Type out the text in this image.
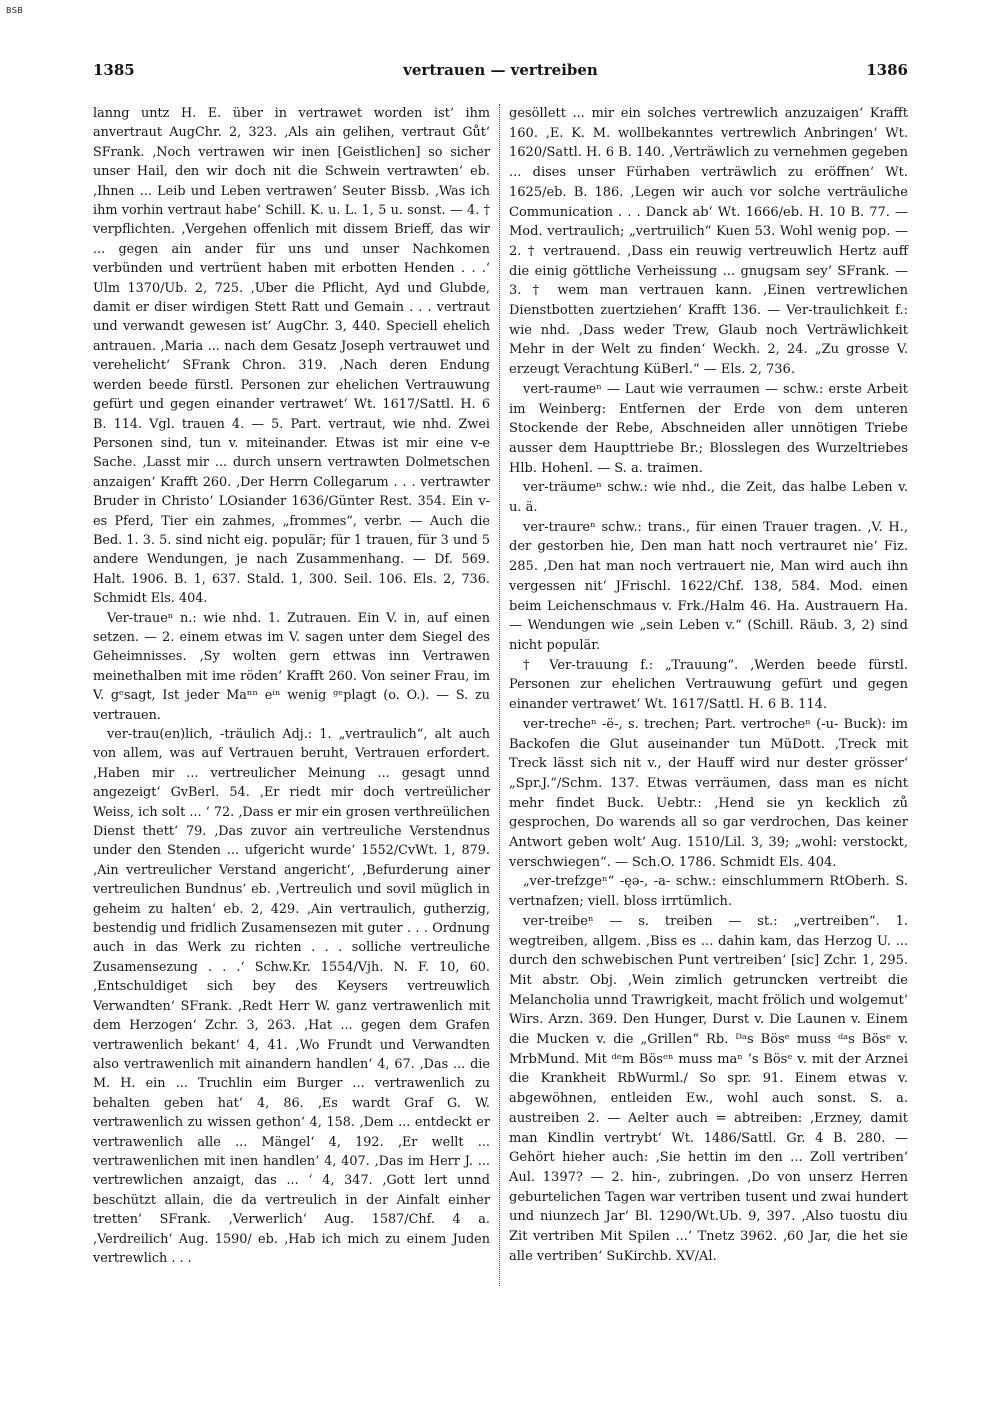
BSB
1385	vertrauen — vertreiben	1386

lanng untz H. E. über in vertrawet worden ist‘ ihm anvertraut AugChr. 2, 323. ‚Als ain gelihen, vertraut Gůt‘ SFrank. ‚Noch vertrawen wir inen [Geistlichen] so sicher unser Hail, den wir doch nit die Schwein vertrawten‘ eb. ‚Ihnen ... Leib und Leben vertrawen‘ Seuter Bissb. ‚Was ich ihm vorhin vertraut habe‘ Schill. K. u. L. 1, 5 u. sonst. — 4. † verpflichten. ‚Vergehen offenlich mit dissem Brieff, das wir ... gegen ain ander für uns und unser Nachkomen verbünden und vertrüent haben mit erbotten Henden . . .‘ Ulm 1370/Ub. 2, 725. ‚Uber die Pflicht, Ayd und Glubde, damit er diser wirdigen Stett Ratt und Gemain . . . vertraut und verwandt gewesen ist‘ AugChr. 3, 440. Speciell ehelich antrauen. ‚Maria ... nach dem Gesatz Joseph vertrauwet und verehelicht‘ SFrank Chron. 319. ‚Nach deren Endung werden beede fürstl. Personen zur ehelichen Vertrauwung gefürt und gegen einander vertrawet‘ Wt. 1617/Sattl. H. 6 B. 114. Vgl. trauen 4. — 5. Part. vertraut, wie nhd. Zwei Personen sind, tun v. miteinander. Etwas ist mir eine v-e Sache. ‚Lasst mir ... durch unsern vertrawten Dolmetschen anzaigen‘ Krafft 260. ‚Der Herrn Collegarum . . . vertrawter Bruder in Christo‘ LOsiander 1636/Günter Rest. 354. Ein v-es Pferd, Tier ein zahmes, „frommes“, verbr. — Auch die Bed. 1. 3. 5. sind nicht eig. populär; für 1 trauen, für 3 und 5 andere Wendungen, je nach Zusammenhang. — Df. 569. Halt. 1906. B. 1, 637. Stald. 1, 300. Seil. 106. Els. 2, 736. Schmidt Els. 404.

Ver-traueⁿ n.: wie nhd. 1. Zutrauen. Ein V. in, auf einen setzen. — 2. einem etwas im V. sagen unter dem Siegel des Geheimnisses. ‚Sy wolten gern ettwas inn Vertrawen meinethalben mit ime röden‘ Krafft 260. Von seiner Frau, im V. gᵉsagt, Ist jeder Maⁿⁿ eⁱⁿ wenig ᵍᵉplagt (o. O.). — S. zu vertrauen.

ver-trau(en)lich, -träulich Adj.: 1. „vertraulich“, alt auch von allem, was auf Vertrauen beruht, Vertrauen erfordert. ‚Haben mir ... vertreulicher Meinung ... gesagt unnd angezeigt‘ GvBerl. 54. ‚Er riedt mir doch vertreülicher Weiss, ich solt ... ‘ 72. ‚Dass er mir ein grosen verthreülichen Dienst thett‘ 79. ‚Das zuvor ain vertreuliche Verstendnus under den Stenden ... ufgericht wurde‘ 1552/CvWt. 1, 879. ‚Ain vertreulicher Verstand angericht‘, ‚Befurderung ainer vertreulichen Bundnus‘ eb. ‚Vertreulich und sovil müglich in geheim zu halten‘ eb. 2, 429. ‚Ain vertraulich, gutherzig, bestendig und fridlich Zusamensezen mit guter . . . Ordnung auch in das Werk zu richten . . . solliche vertreuliche Zusamensezung . . .‘ Schw.Kr. 1554/Vjh. N. F. 10, 60. ‚Entschuldiget sich bey des Keysers vertreuwlich Verwandten‘ SFrank. ‚Redt Herr W. ganz vertrawenlich mit dem Herzogen‘ Zchr. 3, 263. ‚Hat ... gegen dem Grafen vertrawenlich bekant‘ 4, 41. ‚Wo Frundt und Verwandten also vertrawenlich mit ainandern handlen‘ 4, 67. ‚Das ... die M. H. ein ... Truchlin eim Burger ... vertrawenlich zu behalten geben hat‘ 4, 86. ‚Es wardt Graf G. W. vertrawenlich zu wissen gethon‘ 4, 158. ‚Dem ... entdeckt er vertrawenlich alle ... Mängel‘ 4, 192. ‚Er wellt ... vertrawenlichen mit inen handlen‘ 4, 407. ‚Das im Herr J. ... vertrewlichen anzaigt, das ... ‘ 4, 347. ‚Gott lert unnd beschützt allain, die da vertreulich in der Ainfalt einher tretten‘ SFrank. ‚Verwerlich‘ Aug. 1587/Chf. 4 a. ‚Verdreilich‘ Aug. 1590/ eb. ‚Hab ich mich zu einem Juden vertrewlich . . .

gesöllett ... mir ein solches vertrewlich anzuzaigen‘ Krafft 160. ‚E. K. M. wollbekanntes vertrewlich Anbringen‘ Wt. 1620/Sattl. H. 6 B. 140. ‚Verträwlich zu vernehmen gegeben ... dises unser Fürhaben verträwlich zu eröffnen‘ Wt. 1625/eb. B. 186. ‚Legen wir auch vor solche verträuliche Communication . . . Danck ab‘ Wt. 1666/eb. H. 10 B. 77. — Mod. vertraulich; „vertruilich“ Kuen 53. Wohl wenig pop. — 2. † vertrauend. ‚Dass ein reuwig vertreuwlich Hertz auff die einig göttliche Verheissung ... gnugsam sey‘ SFrank. — 3. † wem man vertrauen kann. ‚Einen vertrewlichen Dienstbotten zuertziehen‘ Krafft 136. — Ver-traulichkeit f.: wie nhd. ‚Dass weder Trew, Glaub noch Verträwlichkeit Mehr in der Welt zu finden‘ Weckh. 2, 24. „Zu grosse V. erzeugt Verachtung KüBerl.“ — Els. 2, 736.

vert-raumeⁿ — Laut wie verraumen — schw.: erste Arbeit im Weinberg: Entfernen der Erde von dem unteren Stockende der Rebe, Abschneiden aller unnötigen Triebe ausser dem Haupttriebe Br.; Blosslegen des Wurzeltriebes Hlb. Hohenl. — S. a. traimen.

ver-träumeⁿ schw.: wie nhd., die Zeit, das halbe Leben v. u. ä.

ver-traureⁿ schw.: trans., für einen Trauer tragen. ‚V. H., der gestorben hie, Den man hatt noch vertrauret nie‘ Fiz. 285. ‚Den hat man noch vertrauert nie, Man wird auch ihn vergessen nit‘ JFrischl. 1622/Chf. 138, 584. Mod. einen beim Leichenschmaus v. Frk./Halm 46. Ha. Austrauern Ha. — Wendungen wie „sein Leben v.“ (Schill. Räub. 3, 2) sind nicht populär.

† Ver-trauung f.: „Trauung“. ‚Werden beede fürstl. Personen zur ehelichen Vertrauwung gefürt und gegen einander vertrawet‘ Wt. 1617/Sattl. H. 6 B. 114.

ver-trecheⁿ -ë-, s. trechen; Part. vertrocheⁿ (-u- Buck): im Backofen die Glut auseinander tun MüDott. ‚Treck mit Treck lässt sich nit v., der Hauff wird nur dester grösser‘ „Spr.J.“/Schm. 137. Etwas verräumen, dass man es nicht mehr findet Buck. Uebtr.: ‚Hend sie yn kecklich zů gesprochen, Do warends all so gar verdrochen, Das keiner Antwort geben wolt‘ Aug. 1510/Lil. 3, 39; „wohl: verstockt, verschwiegen“. — Sch.O. 1786. Schmidt Els. 404.

„ver-trefzgeⁿ“ -ęǝ-, -a- schw.: einschlummern RtOberh. S. vertnafzen; viell. bloss irrtümlich.

ver-treibeⁿ — s. treiben — st.: „vertreiben“. 1. wegtreiben, allgem. ‚Biss es ... dahin kam, das Herzog U. ... durch den schwebischen Punt vertreiben‘ [sic] Zchr. 1, 295. Mit abstr. Obj. ‚Wein zimlich getruncken vertreibt die Melancholia unnd Trawrigkeit, macht frölich und wolgemut‘ Wirs. Arzn. 369. Den Hunger, Durst v. Die Launen v. Einem die Mucken v. die „Grillen“ Rb. ᴰᵃs Bösᵉ muss ᵈᵃs Bösᵉ v. MrbMund. Mit ᵈᵉm Bösᵉⁿ muss maⁿ ’s Bösᵉ v. mit der Arznei die Krankheit RbWurml./ So spr. 91. Einem etwas v. abgewöhnen, entleiden Ew., wohl auch sonst. S. a. austreiben 2. — Aelter auch = abtreiben: ‚Erzney, damit man Kindlin vertrybt‘ Wt. 1486/Sattl. Gr. 4 B. 280. — Gehört hieher auch: ‚Sie hettin im den ... Zoll vertriben‘ Aul. 1397? — 2. hin-, zubringen. ‚Do von unserz Herren geburtelichen Tagen war vertriben tusent und zwai hundert und niunzech Jar‘ Bl. 1290/Wt.Ub. 9, 397. ‚Also tuostu diu Zit vertriben Mit Spilen ...‘ Tnetz 3962. ‚60 Jar, die het sie alle vertriben‘ SuKirchb. XV/Al.
